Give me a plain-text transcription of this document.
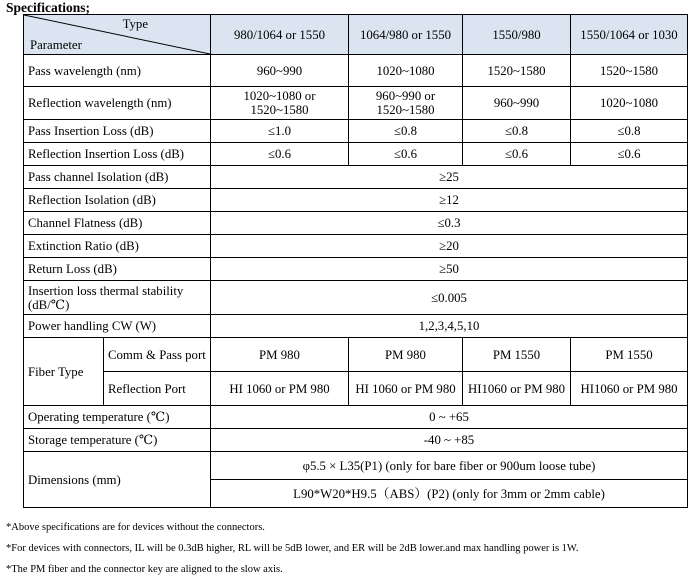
Specifications;
Type
Parameter		980/1064 or 1550	1064/980 or 1550	1550/980	1550/1064 or 1030
Pass wavelength (nm)		960~990	1020~1080	1520~1580	1520~1580
Reflection wavelength (nm)		1020~1080 or 1520~1580	960~990 or 1520~1580	960~990	1020~1080
Pass Insertion Loss (dB)		≤1.0	≤0.8	≤0.8	≤0.8
Reflection Insertion Loss (dB)		≤0.6	≤0.6	≤0.6	≤0.6
Pass channel Isolation (dB)		≥25			
Reflection Isolation (dB)		≥12			
Channel Flatness (dB)		≤0.3			
Extinction Ratio (dB)		≥20			
Return Loss (dB)		≥50			
Insertion loss thermal stability (dB/℃)		≤0.005			
Power handling CW (W)		1,2,3,4,5,10			
Fiber Type	Comm & Pass port	PM 980	PM 980	PM 1550	PM 1550
	Reflection Port	HI 1060 or PM 980	HI 1060 or PM 980	HI1060 or PM 980	HI1060 or PM 980
Operating temperature (℃)		0 ~ +65			
Storage temperature (℃)		-40 ~ +85			
Dimensions (mm)		φ5.5 × L35(P1) (only for bare fiber or 900um loose tube)			
		L90*W20*H9.5（ABS）(P2) (only for 3mm or 2mm cable)			
*Above specifications are for devices without the connectors.
*For devices with connectors, IL will be 0.3dB higher, RL will be 5dB lower, and ER will be 2dB lower.and max handling power is 1W.
*The PM fiber and the connector key are aligned to the slow axis.
